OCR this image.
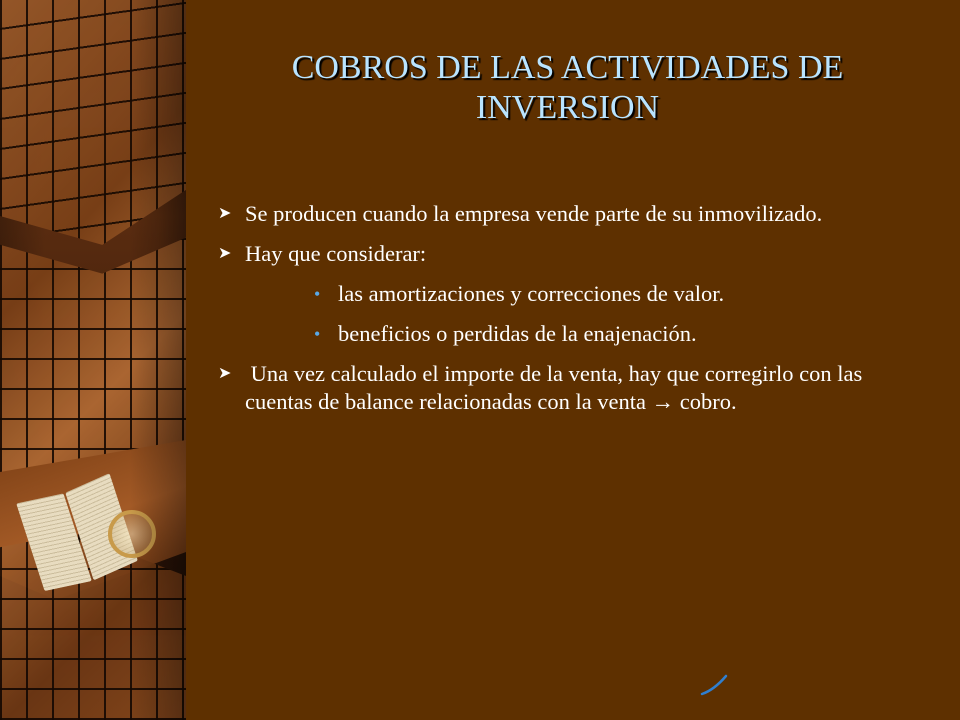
COBROS DE LAS ACTIVIDADES DE INVERSION
➤ Se producen cuando la empresa vende parte de su inmovilizado.
➤ Hay que considerar:
• las amortizaciones y correcciones de valor.
• beneficios o perdidas de la enajenación.
➤ Una vez calculado el importe de la venta, hay que corregirlo con las cuentas de balance relacionadas con la venta → cobro.
